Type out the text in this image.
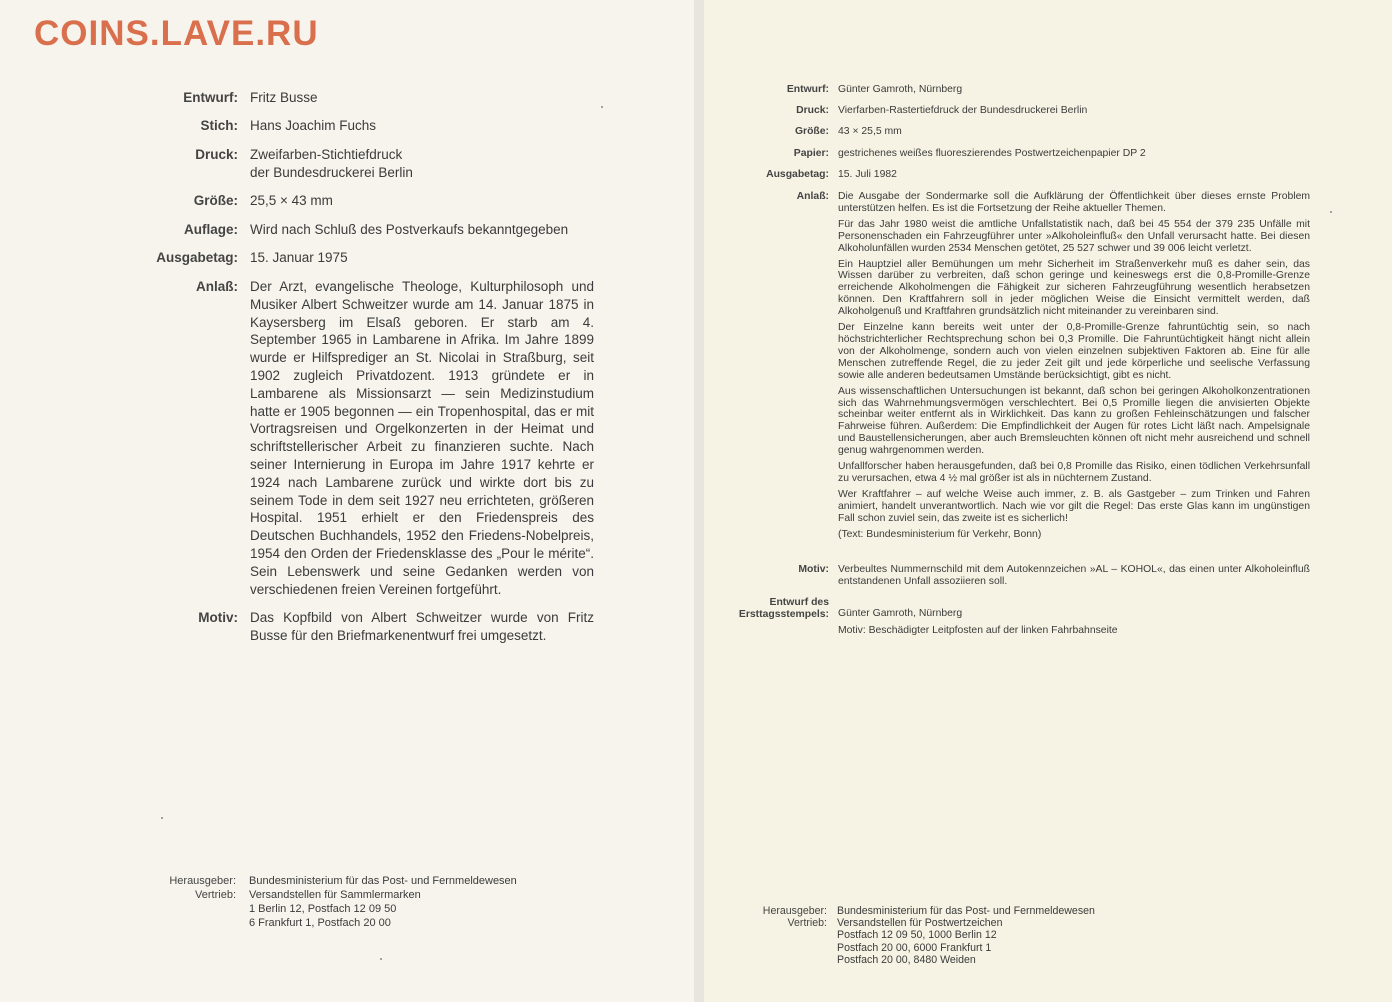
COINS.LAVE.RU
Entwurf: Fritz Busse
Stich: Hans Joachim Fuchs
Druck: Zweifarben-Stichtiefdruck
der Bundesdruckerei Berlin
Größe: 25,5 × 43 mm
Auflage: Wird nach Schluß des Postverkaufs bekanntgegeben
Ausgabetag: 15. Januar 1975
Anlaß: Der Arzt, evangelische Theologe, Kulturphilosoph und Musiker Albert Schweitzer wurde am 14. Januar 1875 in Kaysersberg im Elsaß geboren. Er starb am 4. September 1965 in Lambarene in Afrika. Im Jahre 1899 wurde er Hilfsprediger an St. Nicolai in Straßburg, seit 1902 zugleich Privatdozent. 1913 gründete er in Lambarene als Missionsarzt — sein Medizinstudium hatte er 1905 begonnen — ein Tropenhospital, das er mit Vortragsreisen und Orgelkonzerten in der Heimat und schriftstellerischer Arbeit zu finanzieren suchte. Nach seiner Internierung in Europa im Jahre 1917 kehrte er 1924 nach Lambarene zurück und wirkte dort bis zu seinem Tode in dem seit 1927 neu errichteten, größeren Hospital. 1951 erhielt er den Friedenspreis des Deutschen Buchhandels, 1952 den Friedens-Nobelpreis, 1954 den Orden der Friedensklasse des „Pour le mérite“. Sein Lebenswerk und seine Gedanken werden von verschiedenen freien Vereinen fortgeführt.
Motiv: Das Kopfbild von Albert Schweitzer wurde von Fritz Busse für den Briefmarkenentwurf frei umgesetzt.
Herausgeber:
Vertrieb:
Bundesministerium für das Post- und Fernmeldewesen
Versandstellen für Sammlermarken
1 Berlin 12, Postfach 12 09 50
6 Frankfurt 1, Postfach 20 00
Entwurf: Günter Gamroth, Nürnberg
Druck: Vierfarben-Rastertiefdruck der Bundesdruckerei Berlin
Größe: 43 × 25,5 mm
Papier: gestrichenes weißes fluoreszierendes Postwertzeichenpapier DP 2
Ausgabetag: 15. Juli 1982
Anlaß: Die Ausgabe der Sondermarke soll die Aufklärung der Öffentlichkeit über dieses ernste Problem unterstützen helfen. Es ist die Fortsetzung der Reihe aktueller Themen.

Für das Jahr 1980 weist die amtliche Unfallstatistik nach, daß bei 45 554 der 379 235 Unfälle mit Personenschaden ein Fahrzeugführer unter »Alkoholeinfluß« den Unfall verursacht hatte. Bei diesen Alkoholunfällen wurden 2534 Menschen getötet, 25 527 schwer und 39 006 leicht verletzt.

Ein Hauptziel aller Bemühungen um mehr Sicherheit im Straßenverkehr muß es daher sein, das Wissen darüber zu verbreiten, daß schon geringe und keineswegs erst die 0,8-Promille-Grenze erreichende Alkoholmengen die Fähigkeit zur sicheren Fahrzeugführung wesentlich herabsetzen können. Den Kraftfahrern soll in jeder möglichen Weise die Einsicht vermittelt werden, daß Alkoholgenuß und Kraftfahren grundsätzlich nicht miteinander zu vereinbaren sind.

Der Einzelne kann bereits weit unter der 0,8-Promille-Grenze fahruntüchtig sein, so nach höchstrichterlicher Rechtsprechung schon bei 0,3 Promille. Die Fahruntüchtigkeit hängt nicht allein von der Alkoholmenge, sondern auch von vielen einzelnen subjektiven Faktoren ab. Eine für alle Menschen zutreffende Regel, die zu jeder Zeit gilt und jede körperliche und seelische Verfassung sowie alle anderen bedeutsamen Umstände berücksichtigt, gibt es nicht.

Aus wissenschaftlichen Untersuchungen ist bekannt, daß schon bei geringen Alkoholkonzentrationen sich das Wahrnehmungsvermögen verschlechtert. Bei 0,5 Promille liegen die anvisierten Objekte scheinbar weiter entfernt als in Wirklichkeit. Das kann zu großen Fehleinschätzungen und falscher Fahrweise führen. Außerdem: Die Empfindlichkeit der Augen für rotes Licht läßt nach. Ampelsignale und Baustellensicherungen, aber auch Bremsleuchten können oft nicht mehr ausreichend und schnell genug wahrgenommen werden.

Unfallforscher haben herausgefunden, daß bei 0,8 Promille das Risiko, einen tödlichen Verkehrsunfall zu verursachen, etwa 4 ½ mal größer ist als in nüchternem Zustand.

Wer Kraftfahrer – auf welche Weise auch immer, z. B. als Gastgeber – zum Trinken und Fahren animiert, handelt unverantwortlich. Nach wie vor gilt die Regel: Das erste Glas kann im ungünstigen Fall schon zuviel sein, das zweite ist es sicherlich!

(Text: Bundesministerium für Verkehr, Bonn)

Motiv: Verbeultes Nummernschild mit dem Autokennzeichen »AL – KOHOL«, das einen unter Alkoholeinfluß entstandenen Unfall assoziieren soll.
Entwurf des
Ersttagsstempels: Günter Gamroth, Nürnberg
Motiv: Beschädigter Leitpfosten auf der linken Fahrbahnseite
Herausgeber:
Vertrieb:
Bundesministerium für das Post- und Fernmeldewesen
Versandstellen für Postwertzeichen
Postfach 12 09 50, 1000 Berlin 12
Postfach 20 00, 6000 Frankfurt 1
Postfach 20 00, 8480 Weiden
